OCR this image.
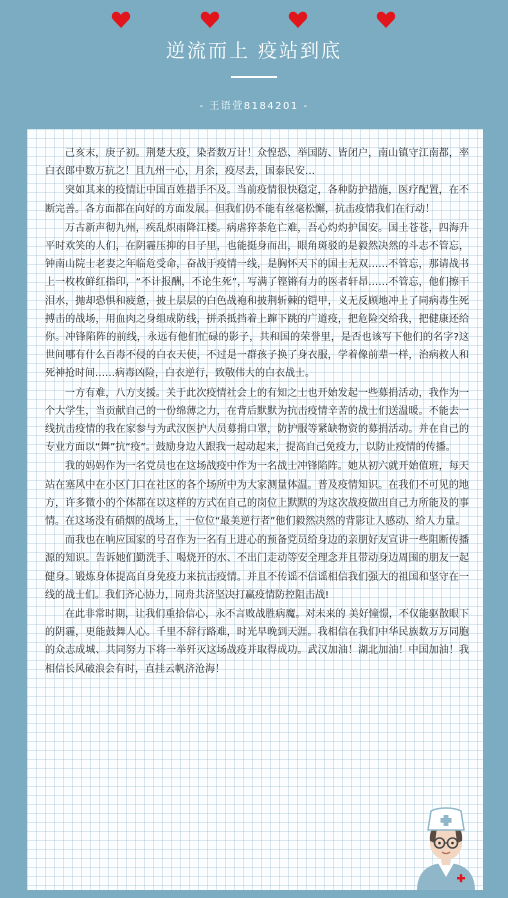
逆流而上 疫站到底
- 王语萱8184201 -

己亥末，庚子初。荆楚大疫，染者数万计！众惶恐、举国防、皆闭户，南山镇守江南都，率白衣郎中数万抗之！且九州一心，月余，疫尽去，国泰民安…

突如其来的疫情让中国百姓措手不及。当前疫情很快稳定，各种防护措施，医疗配置，在不断完善。各方面都在向好的方面发展。但我们仍不能有丝毫松懈，抗击疫情我们在行动！

万古新声彻九州，疾乱炽雨降江楼。病虐猝荼危亡难，吾心灼灼护国安。国土苍苍，四海升平时欢笑的人们，在阴霾压抑的日子里，也能挺身而出，眼角斑驳的是毅然决然的斗志不管忘，钟南山院士老妻之年临危受命，奋战于疫情一线，是胸怀天下的国士无双……不管忘，那请战书上一枚枚鲜红指印，“不计报酬，不论生死”，写满了铿锵有力的医者轩昂……不管忘，他们擦干泪水，抛却恐惧和疲惫，披上层层的白色战袍和披荆斩棘的铠甲，义无反顾地冲上了同病毒生死搏击的战场，用血肉之身组成防线，拼杀抵挡着上蹿下跳的广道疫，把危险交给我，把健康还给你。冲锋陷阵的前线，永远有他们忙碌的影子，共和国的荣誉里，是否也该写下他们的名字?这世间哪有什么百毒不侵的白衣天使，不过是一群孩子换了身衣服，学着像前辈一样，治病救人和死神抢时间……病毒凶险，白衣逆行，致敬伟大的白衣战士。

一方有难，八方支援。关于此次疫情社会上的有知之士也开始发起一些募捐活动，我作为一个大学生，当贡献自己的一份绵薄之力，在背后默默为抗击疫情辛苦的战士们送温暖。不能去一线抗击疫情的我在家参与为武汉医护人员募捐口罩，防护服等紧缺物资的募捐活动。并在自己的专业方面以“舞”抗“疫”。鼓励身边人跟我一起动起来，提高自己免疫力，以防止疫情的传播。

我的妈妈作为一名党员也在这场战疫中作为一名战士冲锋陷阵。她从初六就开始值班，每天站在塞风中在小区门口在社区的各个场所中为大家测量体温。普及疫情知识。在我们不可见的地方，许多微小的个体都在以这样的方式在自己的岗位上默默的为这次战疫做出自己力所能及的事情。在这场没有硝烟的战场上，一位位“最美逆行者”他们毅然决然的背影让人感动、给人力量。

而我也在响应国家的号召作为一名有上进心的预备党员给身边的亲朋好友宣讲一些阻断传播源的知识。告诉她们勤洗手、喝烧开的水、不出门走动等安全理念并且带动身边周围的朋友一起健身。锻炼身体提高自身免疫力来抗击疫情。并且不传谣不信谣相信我们强大的祖国和坚守在一线的战士们。我们齐心协力，同舟共济坚决打赢疫情防控阻击战!

在此非常时期，让我们重拾信心，永不言败战胜病魔。对未来的 美好憧憬，不仅能驱散眼下的阴霾，更能鼓舞人心。千里不辞行路难，时光早晚到天涯。我相信在我们中华民族数万万同胞的众志成城、共同努力下将一举歼灭这场战疫并取得成功。武汉加油！湖北加油！中国加油！我相信长风破浪会有时，直挂云帆济沧海！
